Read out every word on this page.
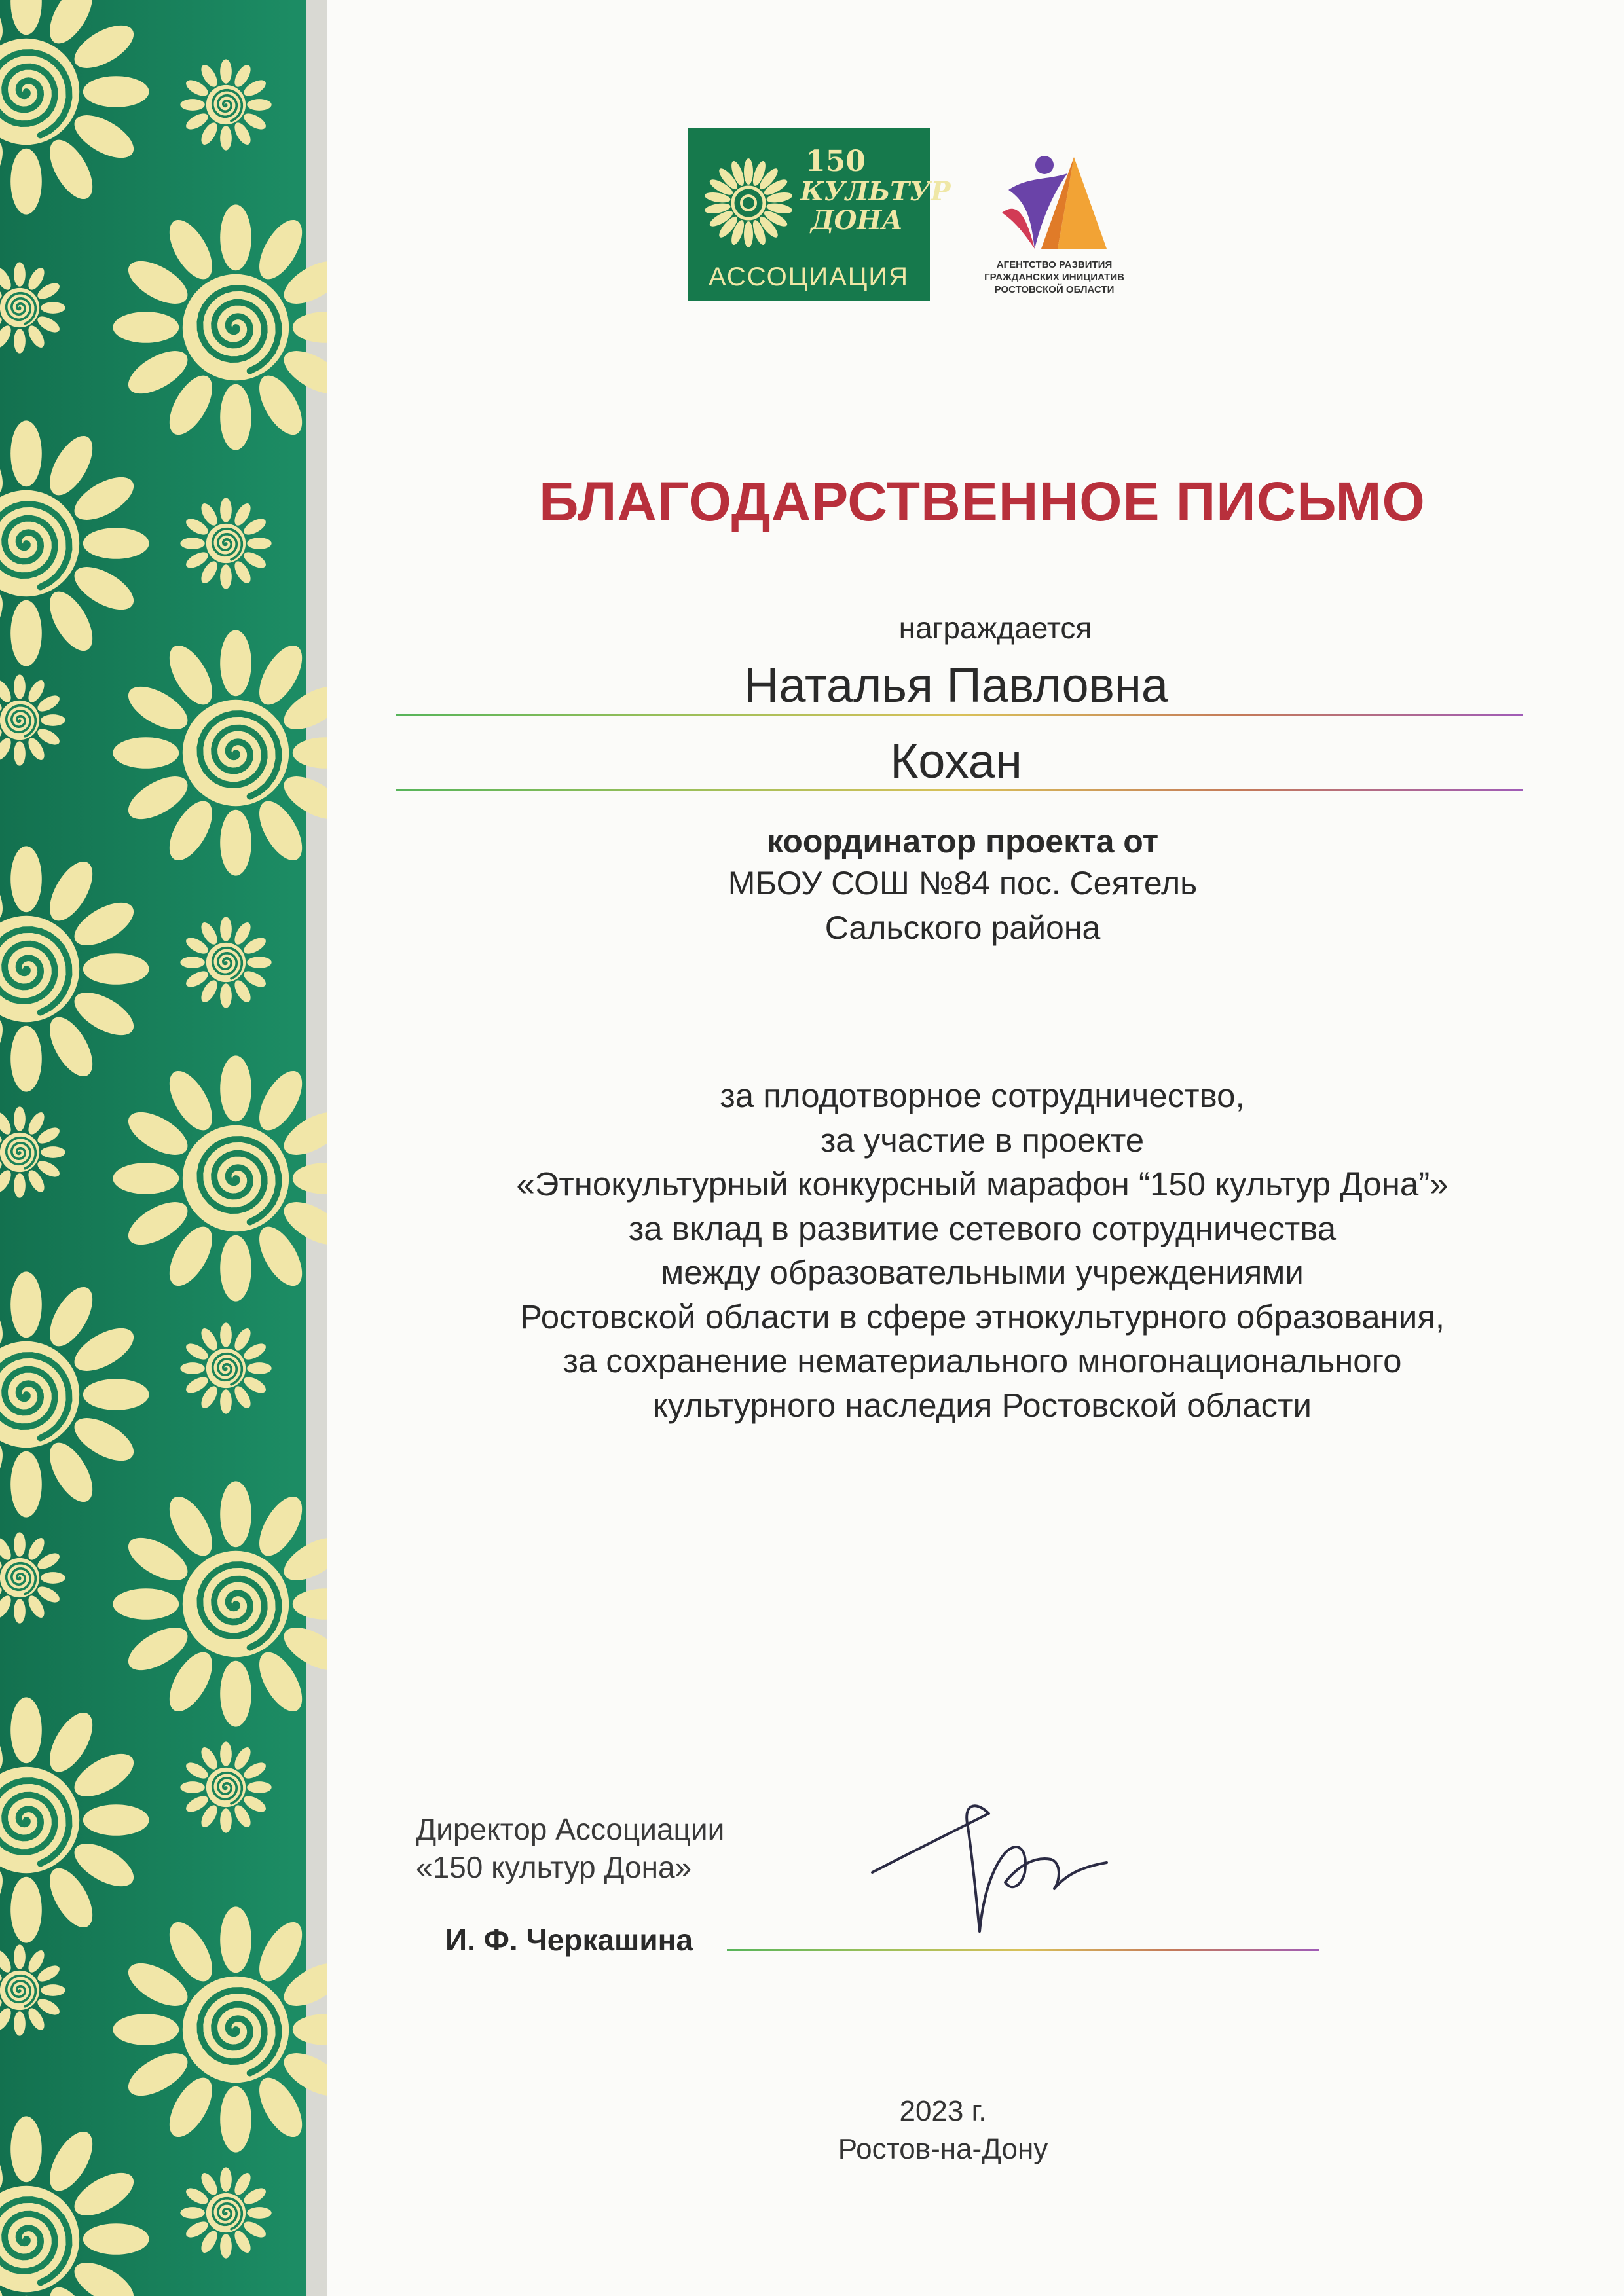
150
КУЛЬТУР
ДОНА
АССОЦИАЦИЯ	АГЕНТСТВО РАЗВИТИЯ
ГРАЖДАНСКИХ ИНИЦИАТИВ
РОСТОВСКОЙ ОБЛАСТИ
БЛАГОДАРСТВЕННОЕ ПИСЬМО
награждается
Наталья Павловна
Кохан
координатор проекта от
МБОУ СОШ №84 пос. Сеятель
Сальского района
за плодотворное сотрудничество,
за участие в проекте
«Этнокультурный конкурсный марафон “150 культур Дона”»
за вклад в развитие сетевого сотрудничества
между образовательными учреждениями
Ростовской области в сфере этнокультурного образования,
за сохранение нематериального многонационального
культурного наследия Ростовской области
Директор Ассоциации
«150 культур Дона»
И. Ф. Черкашина
2023 г.
Ростов-на-Дону
